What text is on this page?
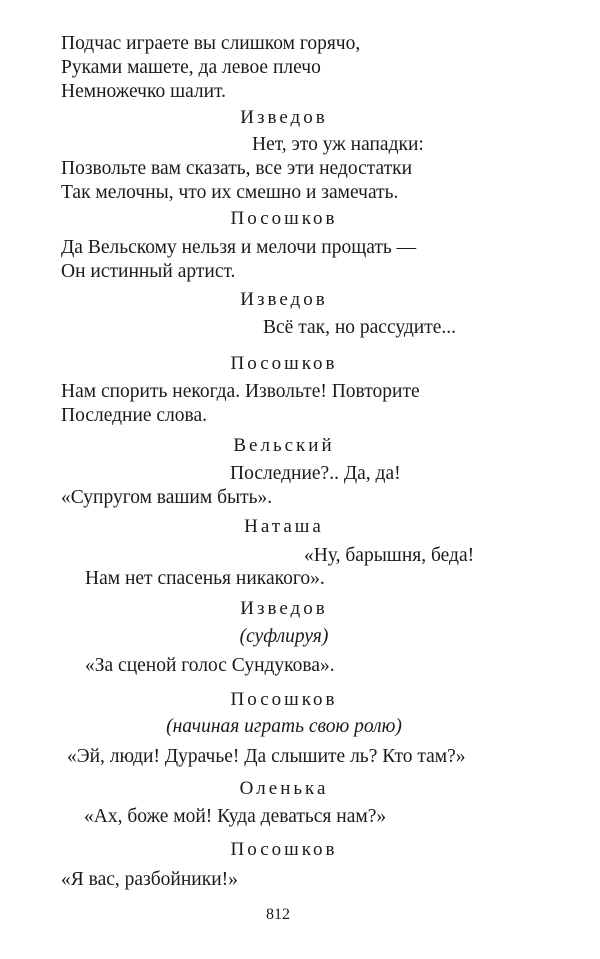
Подчас играете вы слишком горячо,
Руками машете, да левое плечо
Немножечко шалит.
Изведов
Нет, это уж нападки:
Позвольте вам сказать, все эти недостатки
Так мелочны, что их смешно и замечать.
Посошков
Да Вельскому нельзя и мелочи прощать —
Он истинный артист.
Изведов
Всё так, но рассудите...
Посошков
Нам спорить некогда. Извольте! Повторите
Последние слова.
Вельский
Последние?.. Да, да!
«Супругом вашим быть».
Наташа
«Ну, барышня, беда!
Нам нет спасенья никакого».
Изведов
(суфлируя)
«За сценой голос Сундукова».
Посошков
(начиная играть свою ролю)
«Эй, люди! Дурачье! Да слышите ль? Кто там?»
Оленька
«Ах, боже мой! Куда деваться нам?»
Посошков
«Я вас, разбойники!»
812
